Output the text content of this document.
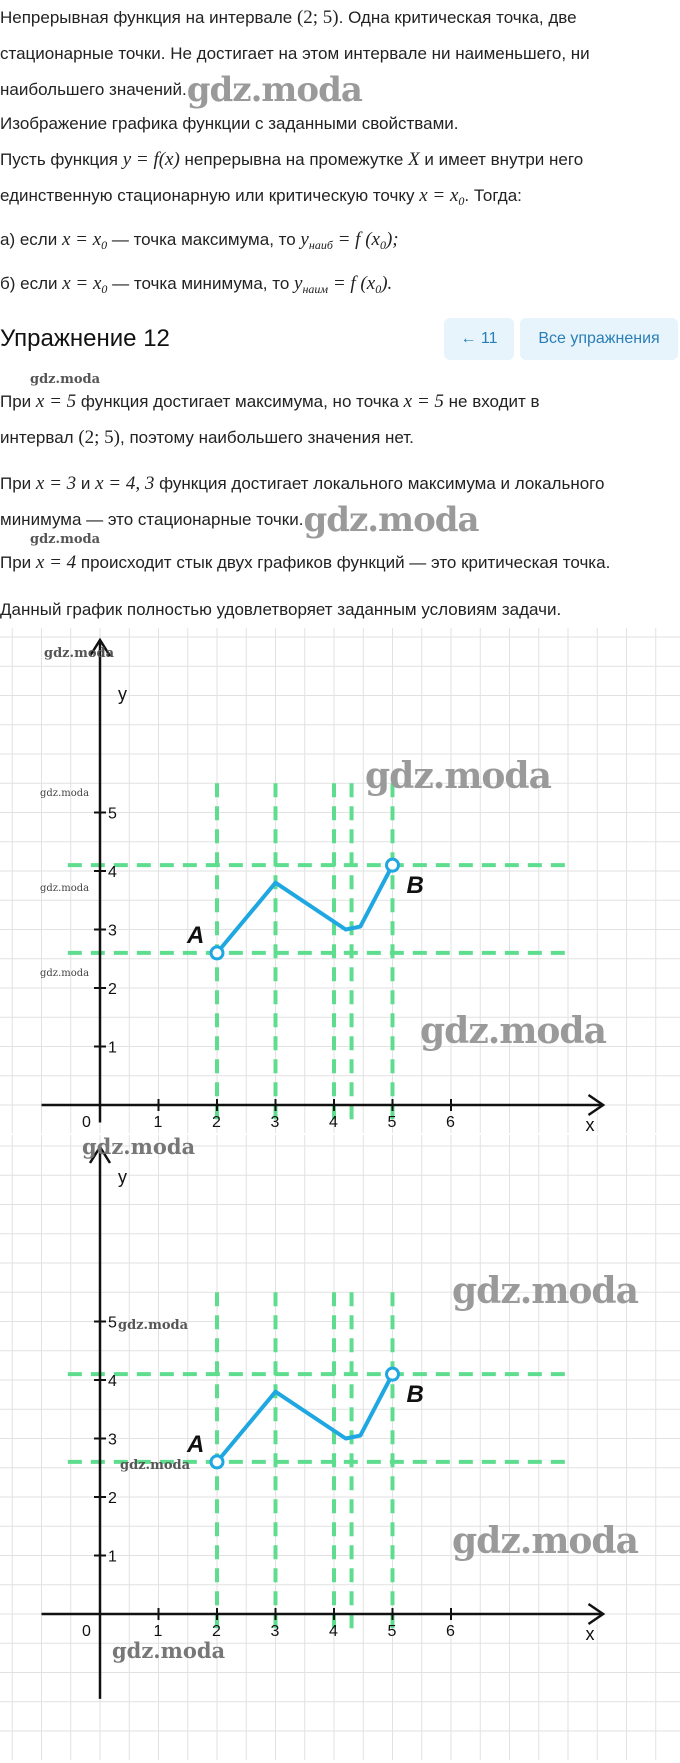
Непрерывная функция на интервале (2; 5). Одна критическая точка, две
стационарные точки. Не достигает на этом интервале ни наименьшего, ни
наибольшего значений.gdz.moda
Изображение графика функции с заданными свойствами.
Пусть функция y = f(x) непрерывна на промежутке X и имеет внутри него
единственную стационарную или критическую точку $x = x_0$. Тогда:
а) если $x = x_0$ — точка максимума, то $y_{наиб} = f$ $(x_0)$;
б) если $x = x_0$ — точка минимума, то $y_{наим} = f$ $(x_0)$.
Упражнение 12	← 11	Все упражнения
gdz.moda
При x = 5 функция достигает максимума, но точка x = 5 не входит в
интервал (2; 5), поэтому наибольшего значения нет.
При x = 3 и x = 4, 3 функция достигает локального максимума и локального
минимума — это стационарные точки.gdz.moda
gdz.moda
При x = 4 происходит стык двух графиков функций — это критическая точка.
Данный график полностью удовлетворяет заданным условиям задачи.
0	1	2	3	4	5	6
1
2
3
4
5
x
y
A
B
0	1	2	3	4	5	6
1
2
3
4
5
x
y
A
B
gdz.moda
gdz.moda
gdz.moda
gdz.moda
gdz.moda
gdz.moda
gdz.moda
gdz.moda
gdz.moda
gdz.moda
gdz.moda
gdz.moda
